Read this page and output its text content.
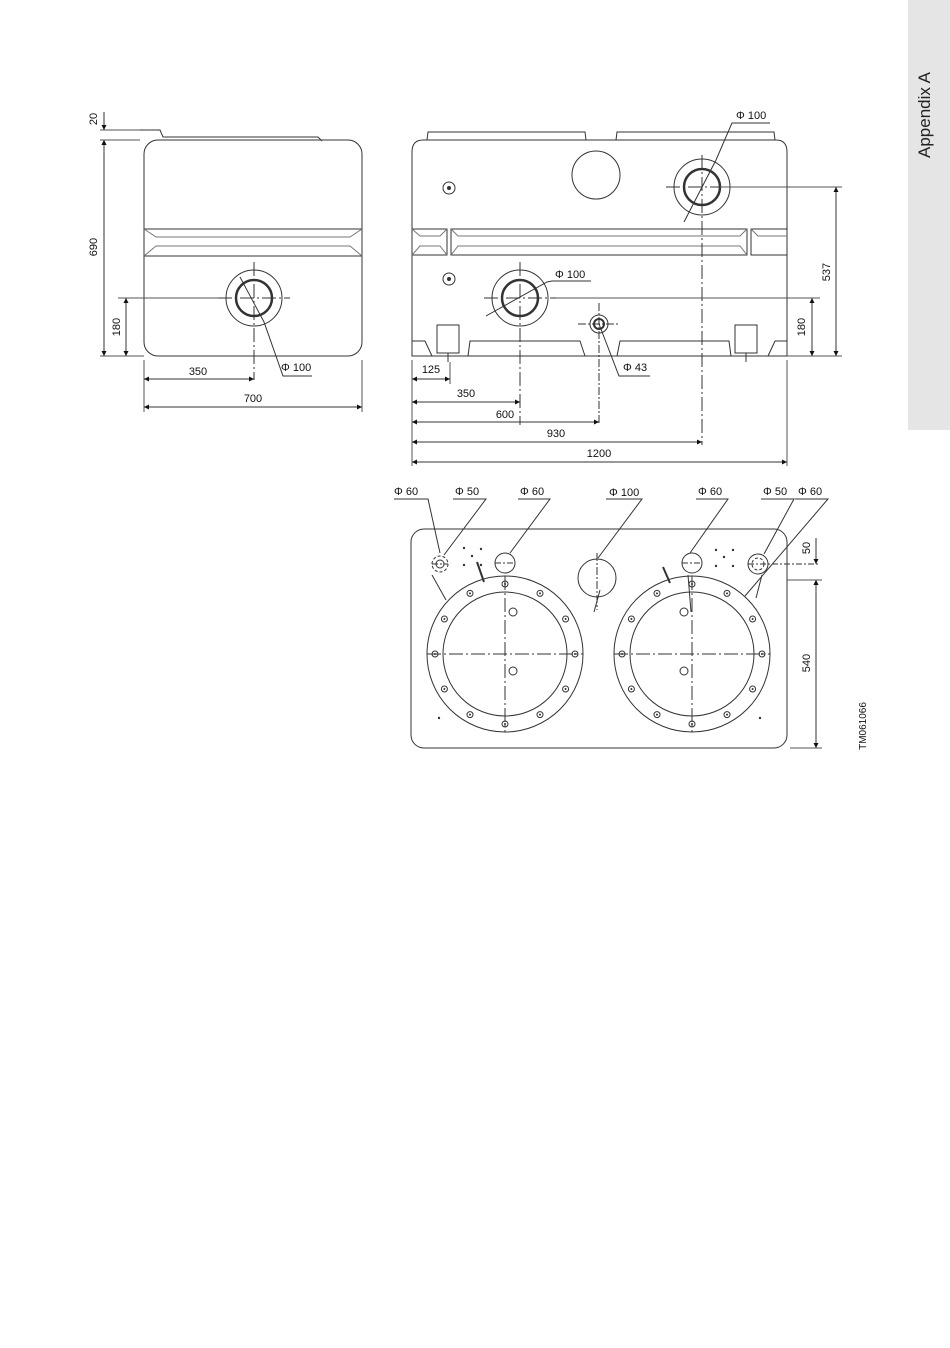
Appendix A
20
690
180
350
700
Φ 100
Φ 100
537
Φ 100
Φ 43
180
125
350
600
930
1200
Φ 60	Φ 50	Φ 60	Φ 100	Φ 60	Φ 50 Φ 60
50
540
TM061066
